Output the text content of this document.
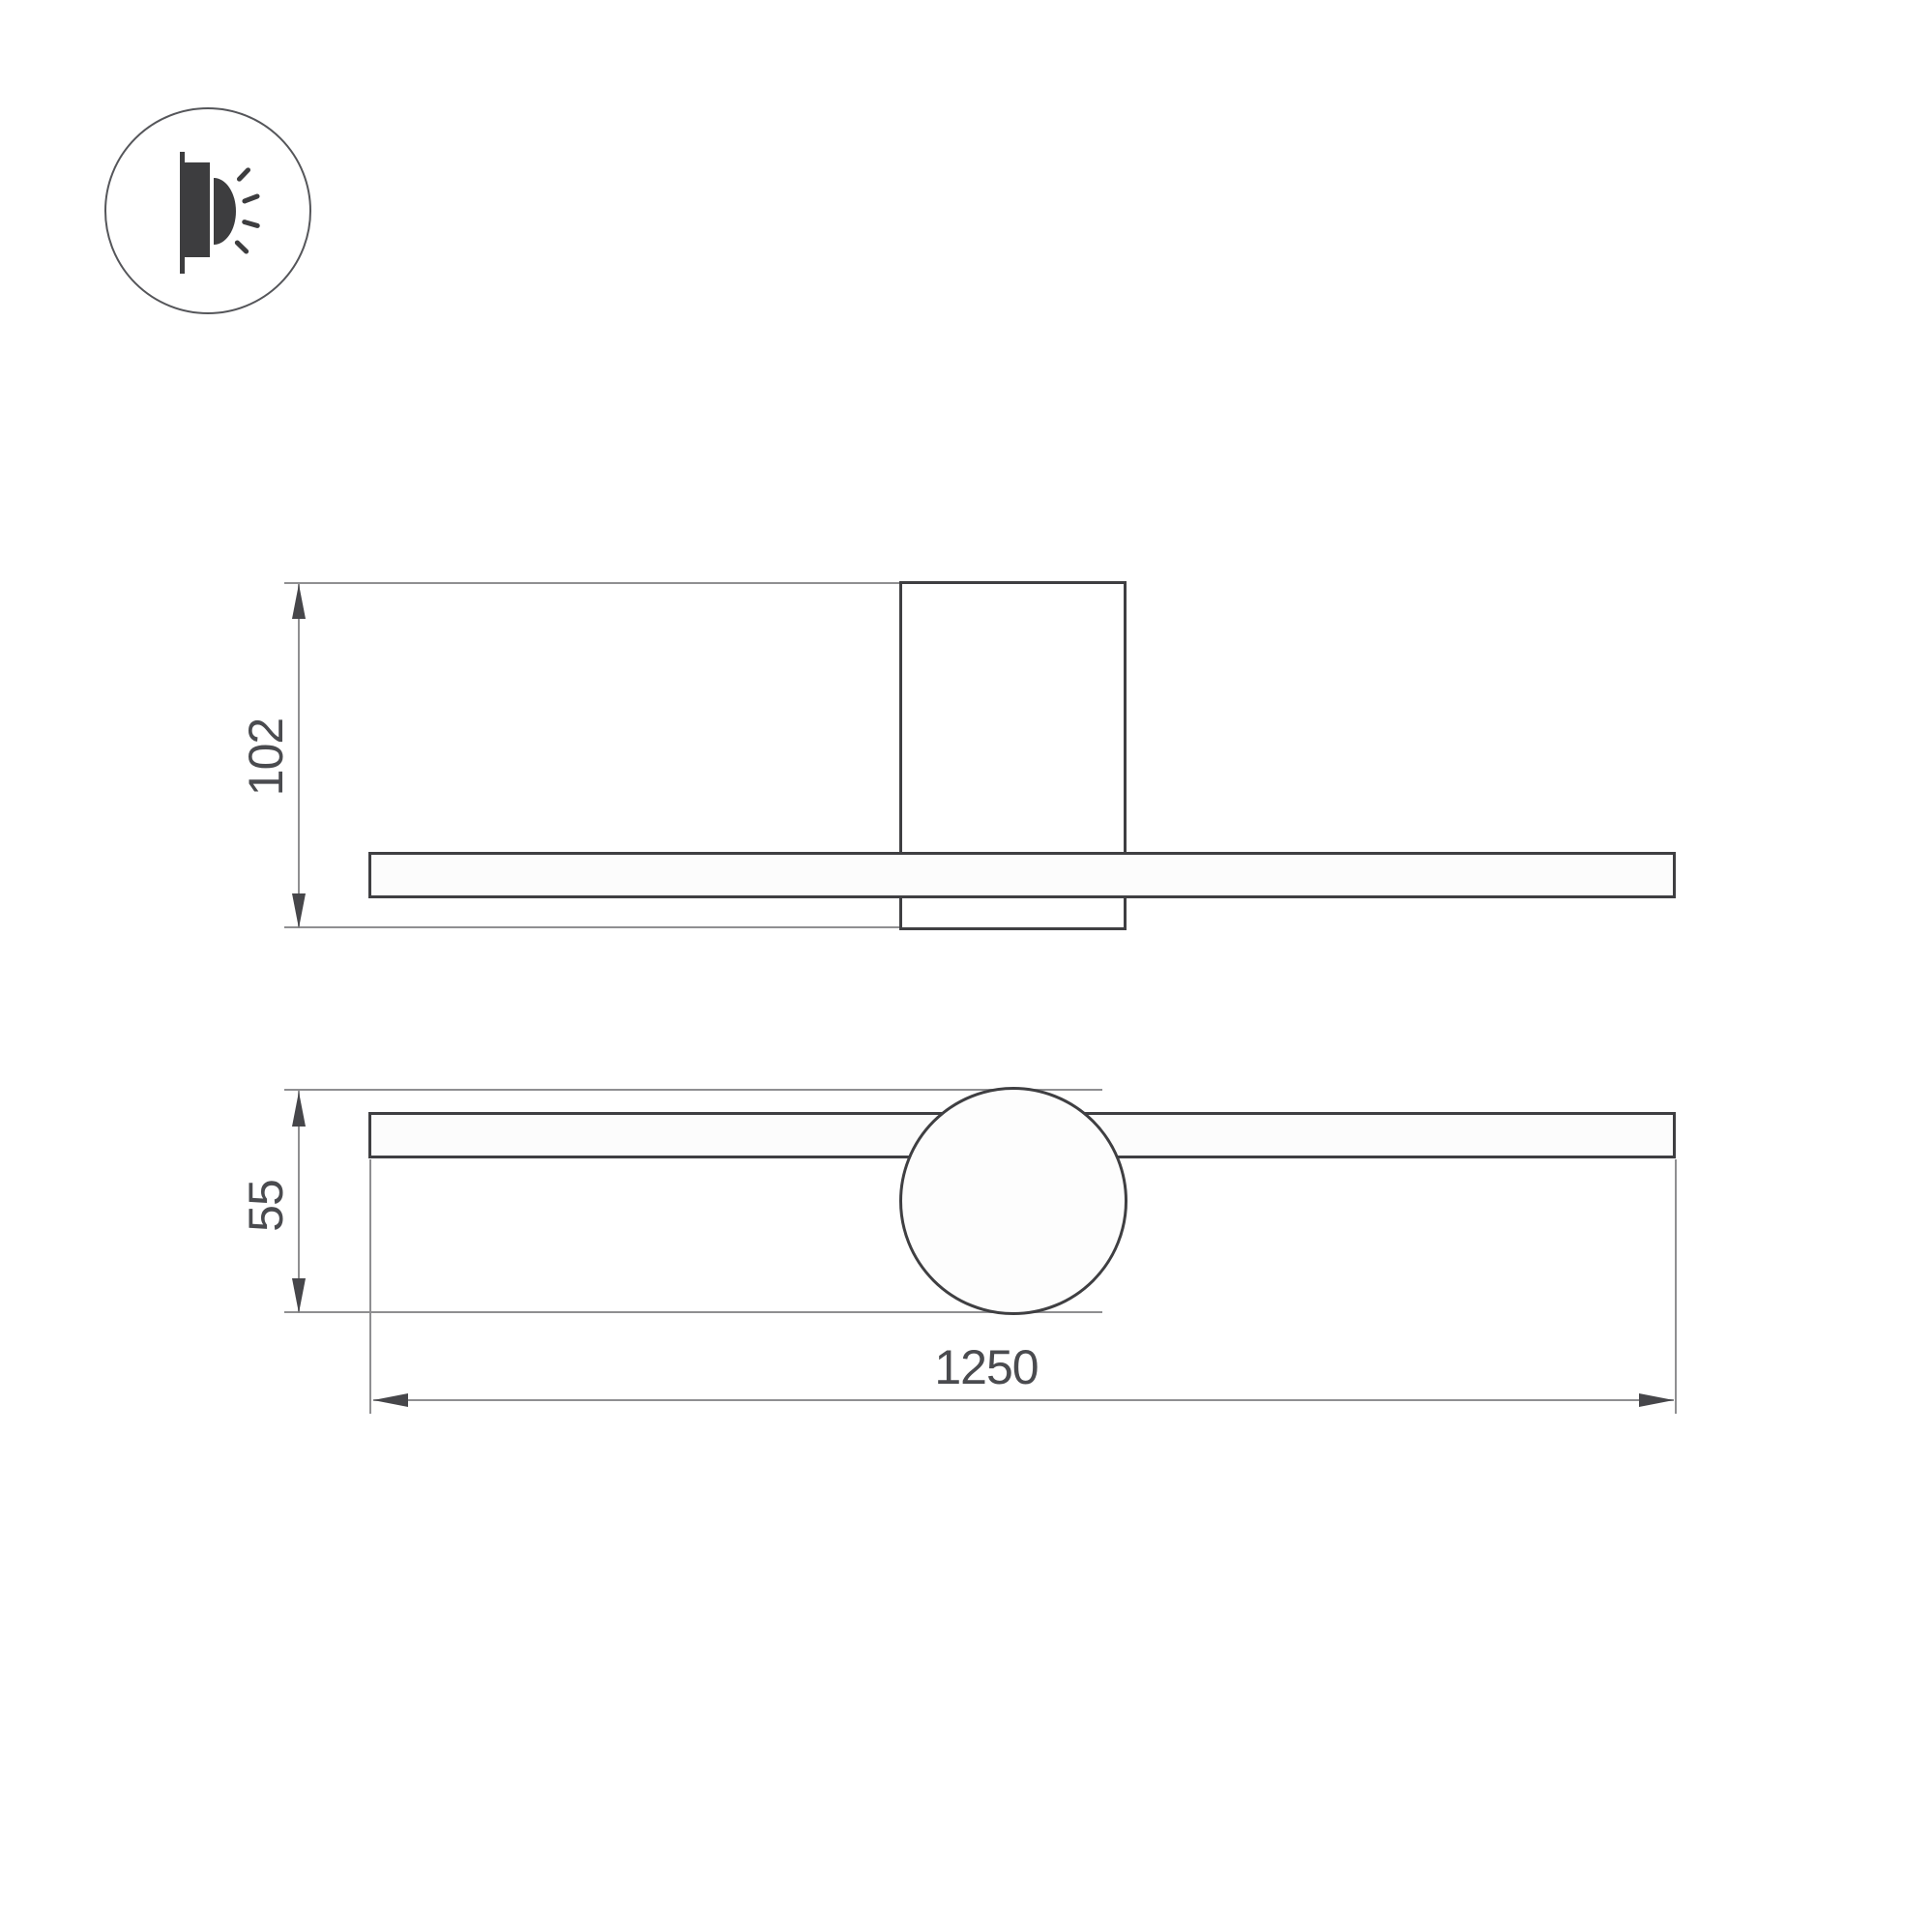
102
55
1250
